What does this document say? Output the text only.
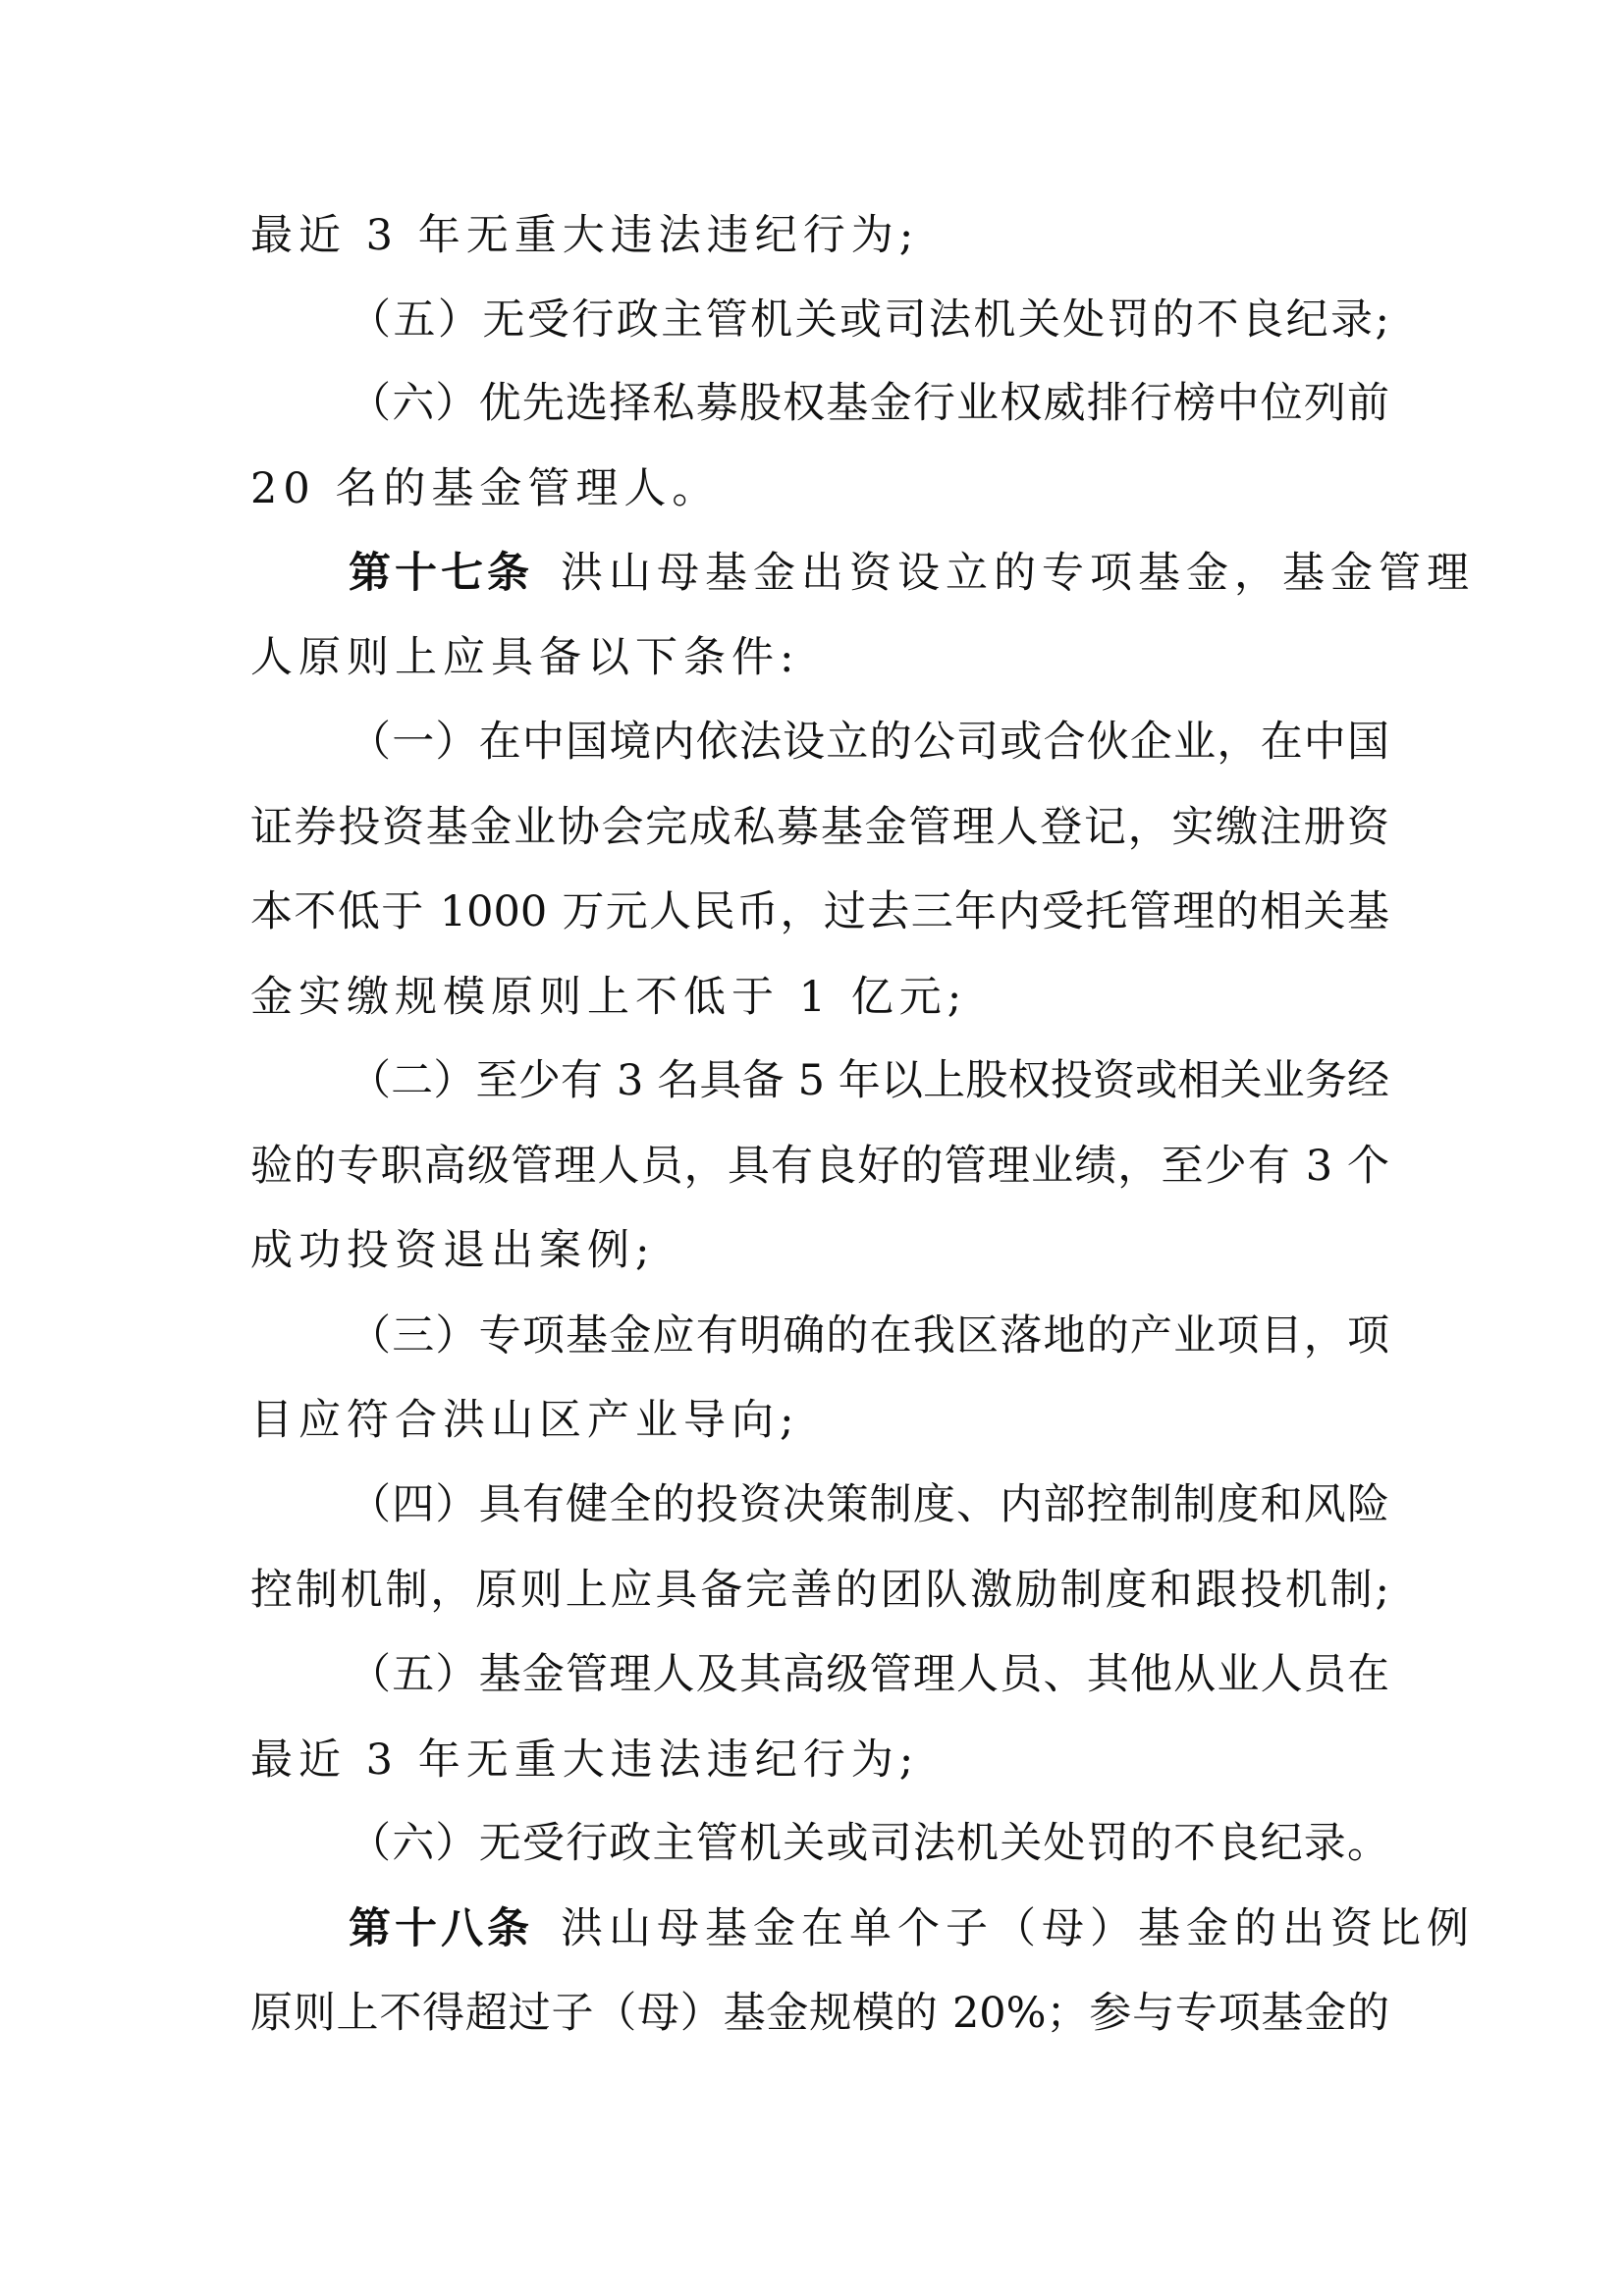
最近 3 年无重大违法违纪行为;
（五）无受行政主管机关或司法机关处罚的不良纪录;
（六）优先选择私募股权基金行业权威排行榜中位列前
20 名的基金管理人。
第十七条 洪山母基金出资设立的专项基金，基金管理
人原则上应具备以下条件:
（一）在中国境内依法设立的公司或合伙企业，在中国
证券投资基金业协会完成私募基金管理人登记，实缴注册资
本不低于 1000 万元人民币，过去三年内受托管理的相关基
金实缴规模原则上不低于 1 亿元;
（二）至少有 3 名具备 5 年以上股权投资或相关业务经
验的专职高级管理人员，具有良好的管理业绩，至少有 3 个
成功投资退出案例;
（三）专项基金应有明确的在我区落地的产业项目，项
目应符合洪山区产业导向;
（四）具有健全的投资决策制度、内部控制制度和风险
控制机制，原则上应具备完善的团队激励制度和跟投机制;
（五）基金管理人及其高级管理人员、其他从业人员在
最近 3 年无重大违法违纪行为;
（六）无受行政主管机关或司法机关处罚的不良纪录。
第十八条 洪山母基金在单个子（母）基金的出资比例
原则上不得超过子（母）基金规模的 20%；参与专项基金的
